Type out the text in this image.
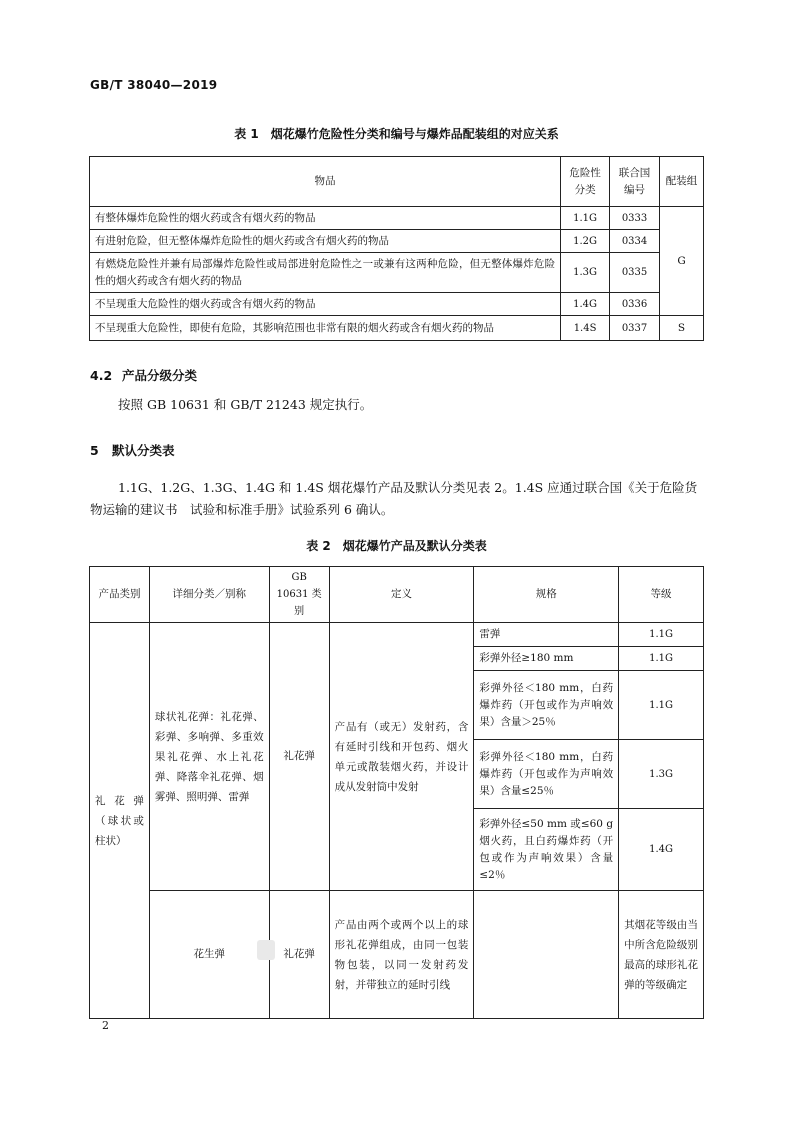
GB/T 38040—2019
表 1　烟花爆竹危险性分类和编号与爆炸品配装组的对应关系
物品	危险性分类	联合国编号	配装组
有整体爆炸危险性的烟火药或含有烟火药的物品	1.1G	0333	G
有进射危险，但无整体爆炸危险性的烟火药或含有烟火药的物品	1.2G	0334	
有燃烧危险性并兼有局部爆炸危险性或局部进射危险性之一或兼有这两种危险，但无整体爆炸危险性的烟火药或含有烟火药的物品	1.3G	0335	
不呈现重大危险性的烟火药或含有烟火药的物品	1.4G	0336	
不呈现重大危险性，即使有危险，其影响范围也非常有限的烟火药或含有烟火药的物品	1.4S	0337	S
4.2 产品分级分类
按照 GB 10631 和 GB/T 21243 规定执行。
5 默认分类表
1.1G、1.2G、1.3G、1.4G 和 1.4S 烟花爆竹产品及默认分类见表 2。1.4S 应通过联合国《关于危险货物运输的建议书　试验和标准手册》试验系列 6 确认。
表 2　烟花爆竹产品及默认分类表
产品类别	详细分类／别称	GB 10631 类别	定义	规格	等级
礼花弹（球状或柱状）	球状礼花弹：礼花弹、彩弹、多响弹、多重效果礼花弹、水上礼花弹、降落伞礼花弹、烟雾弹、照明弹、雷弹	礼花弹	产品有（或无）发射药，含有延时引线和开包药、烟火单元或散装烟火药，并设计成从发射筒中发射	雷弹	1.1G
				彩弹外径≥180 mm	1.1G
				彩弹外径＜180 mm，白药爆炸药（开包或作为声响效果）含量＞25％	1.1G
				彩弹外径＜180 mm，白药爆炸药（开包或作为声响效果）含量≤25％	1.3G
				彩弹外径≤50 mm 或≤60 g 烟火药，且白药爆炸药（开包或作为声响效果）含量≤2％	1.4G
	花生弹	礼花弹	产品由两个或两个以上的球形礼花弹组成，由同一包装物包装，以同一发射药发射，并带独立的延时引线		其烟花等级由当中所含危险级别最高的球形礼花弹的等级确定
2
